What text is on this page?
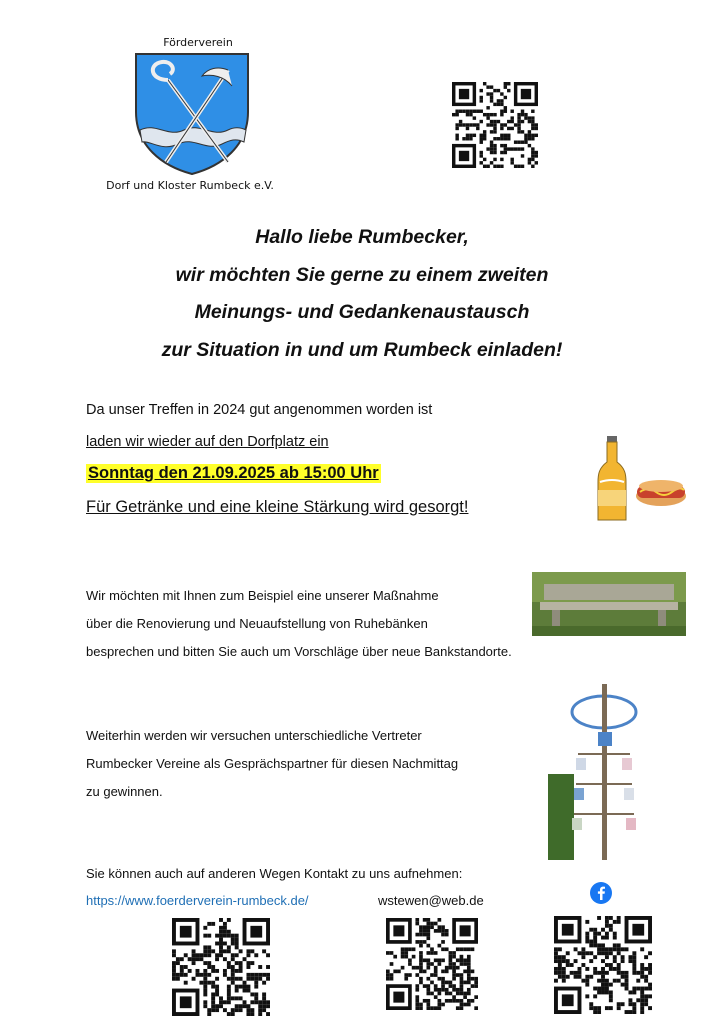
Förderverein
Dorf und Kloster Rumbeck e.V.
Hallo liebe Rumbecker,
wir möchten Sie gerne zu einem zweiten
Meinungs- und Gedankenaustausch
zur Situation in und um Rumbeck einladen!
Da unser Treffen in 2024 gut angenommen worden ist
laden wir wieder auf den Dorfplatz ein
Sonntag den 21.09.2025 ab 15:00 Uhr
Für Getränke und eine kleine Stärkung wird gesorgt!
Wir möchten mit Ihnen zum Beispiel eine unserer Maßnahme
über die Renovierung und Neuaufstellung von Ruhebänken
besprechen und bitten Sie auch um Vorschläge über neue Bankstandorte.
Weiterhin werden wir versuchen unterschiedliche Vertreter
Rumbecker Vereine als Gesprächspartner für diesen Nachmittag
zu gewinnen.
Sie können auch auf anderen Wegen Kontakt zu uns aufnehmen:
https://www.foerderverein-rumbeck.de/	wstewen@web.de
